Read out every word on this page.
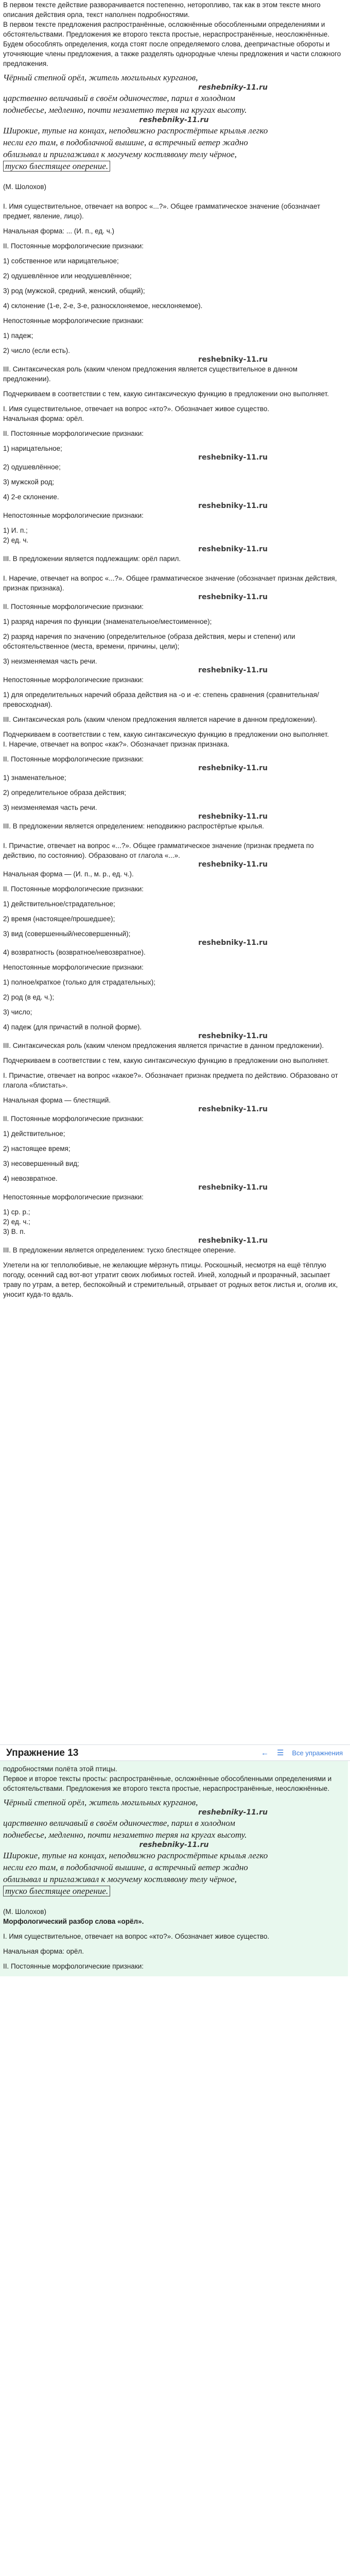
В первом тексте действие разворачивается постепенно, неторопливо, так как в этом тексте много описания действия орла, текст наполнен подробностями.

В первом тексте предложения распространённые, осложнённые обособленными определениями и обстоятельствами. Предложения же второго текста простые, нераспространённые, неосложнённые.

Будем обособлять определения, когда стоят после определяемого слова, деепричастные обороты и уточняющие члены предложения, а также разделять однородные члены предложения и части сложного предложения.

Чёрный степной орёл, житель могильных курганов,
reshebniky-11.ru
царственно величавый в своём одиночестве, парил в холодном
поднебесье, медленно, почти незаметно теряя на кругах высоту.
reshebniky-11.ru
Широкие, тупые на концах, неподвижно распростёртые крылья легко
несли его там, в подоблачной вышине, а встречный ветер жадно
облизывал и приглаживал к могучему костлявому телу чёрное,
туско блестящее оперение.

(М. Шолохов)

I. Имя существительное, отвечает на вопрос «...?». Общее грамматическое значение (обозначает предмет, явление, лицо).

Начальная форма: ... (И. п., ед. ч.)

II. Постоянные морфологические признаки:

1) собственное или нарицательное;

2) одушевлённое или неодушевлённое;

3) род (мужской, средний, женский, общий);

4) склонение (1-е, 2-е, 3-е, разносклоняемое, несклоняемое).

Непостоянные морфологические признаки:

1) падеж;

2) число (если есть).

reshebniky-11.ru

III. Синтаксическая роль (каким членом предложения является существительное в данном предложении).

Подчеркиваем в соответствии с тем, какую синтаксическую функцию в предложении оно выполняет.

I. Имя существительное, отвечает на вопрос «кто?». Обозначает живое существо.

Начальная форма: орёл.

II. Постоянные морфологические признаки:

1) нарицательное;

reshebniky-11.ru

2) одушевлённое;

3) мужской род;

4) 2-е склонение.

reshebniky-11.ru

Непостоянные морфологические признаки:

1) И. п.;

2) ед. ч.

reshebniky-11.ru

III. В предложении является подлежащим: орёл парил.

I. Наречие, отвечает на вопрос «...?». Общее грамматическое значение (обозначает признак действия, признак признака).

reshebniky-11.ru

II. Постоянные морфологические признаки:

1) разряд наречия по функции (знаменательное/местоименное);

2) разряд наречия по значению (определительное (образа действия, меры и степени) или обстоятельственное (места, времени, причины, цели);

3) неизменяемая часть речи.

reshebniky-11.ru

Непостоянные морфологические признаки:

1) для определительных наречий образа действия на -о и -е: степень сравнения (сравнительная/превосходная).

III. Синтаксическая роль (каким членом предложения является наречие в данном предложении).

Подчеркиваем в соответствии с тем, какую синтаксическую функцию в предложении оно выполняет.

I. Наречие, отвечает на вопрос «как?». Обозначает признак признака.

II. Постоянные морфологические признаки:

reshebniky-11.ru

1) знаменательное;

2) определительное образа действия;

3) неизменяемая часть речи.

reshebniky-11.ru

III. В предложении является определением: неподвижно распростёртые крылья.

I. Причастие, отвечает на вопрос «...?». Общее грамматическое значение (признак предмета по действию, по состоянию). Образовано от глагола «...».

reshebniky-11.ru

Начальная форма — (И. п., м. р., ед. ч.).

II. Постоянные морфологические признаки:

1) действительное/страдательное;

2) время (настоящее/прошедшее);

3) вид (совершенный/несовершенный);

reshebniky-11.ru

4) возвратность (возвратное/невозвратное).

Непостоянные морфологические признаки:

1) полное/краткое (только для страдательных);

2) род (в ед. ч.);

3) число;

4) падеж (для причастий в полной форме).

reshebniky-11.ru

III. Синтаксическая роль (каким членом предложения является причастие в данном предложении).

Подчеркиваем в соответствии с тем, какую синтаксическую функцию в предложении оно выполняет.

I. Причастие, отвечает на вопрос «какое?». Обозначает признак предмета по действию. Образовано от глагола «блистать».

Начальная форма — блестящий.

reshebniky-11.ru

II. Постоянные морфологические признаки:

1) действительное;

2) настоящее время;

3) несовершенный вид;

4) невозвратное.

reshebniky-11.ru

Непостоянные морфологические признаки:

1) ср. р.;

2) ед. ч.;

3) В. п.

reshebniky-11.ru

III. В предложении является определением: туско блестящее оперение.

Улетели на юг теплолюбивые, не желающие мёрзнуть птицы. Роскошный, несмотря на ещё тёплую погоду, осенний сад вот-вот утратит своих любимых гостей. Иней, холодный и прозрачный, засыпает траву по утрам, а ветер, беспокойный и стремительный, отрывает от родных веток листья и, оголив их, уносит куда-то вдаль.

Упражнение 13	← ☰ Все упражнения

подробностями полёта этой птицы.

Первое и второе тексты просты: распространённые, осложнённые обособленными определениями и обстоятельствами. Предложения же второго текста простые, нераспространённые, неосложнённые.

Чёрный степной орёл, житель могильных курганов,
reshebniky-11.ru
царственно величавый в своём одиночестве, парил в холодном
поднебесье, медленно, почти незаметно теряя на кругах высоту.
reshebniky-11.ru
Широкие, тупые на концах, неподвижно распростёртые крылья легко
несли его там, в подоблачной вышине, а встречный ветер жадно
облизывал и приглаживал к могучему костлявому телу чёрное,
туско блестящее оперение.

(М. Шолохов)

Морфологический разбор слова «орёл».

I. Имя существительное, отвечает на вопрос «кто?». Обозначает живое существо.

Начальная форма: орёл.

II. Постоянные морфологические признаки:
